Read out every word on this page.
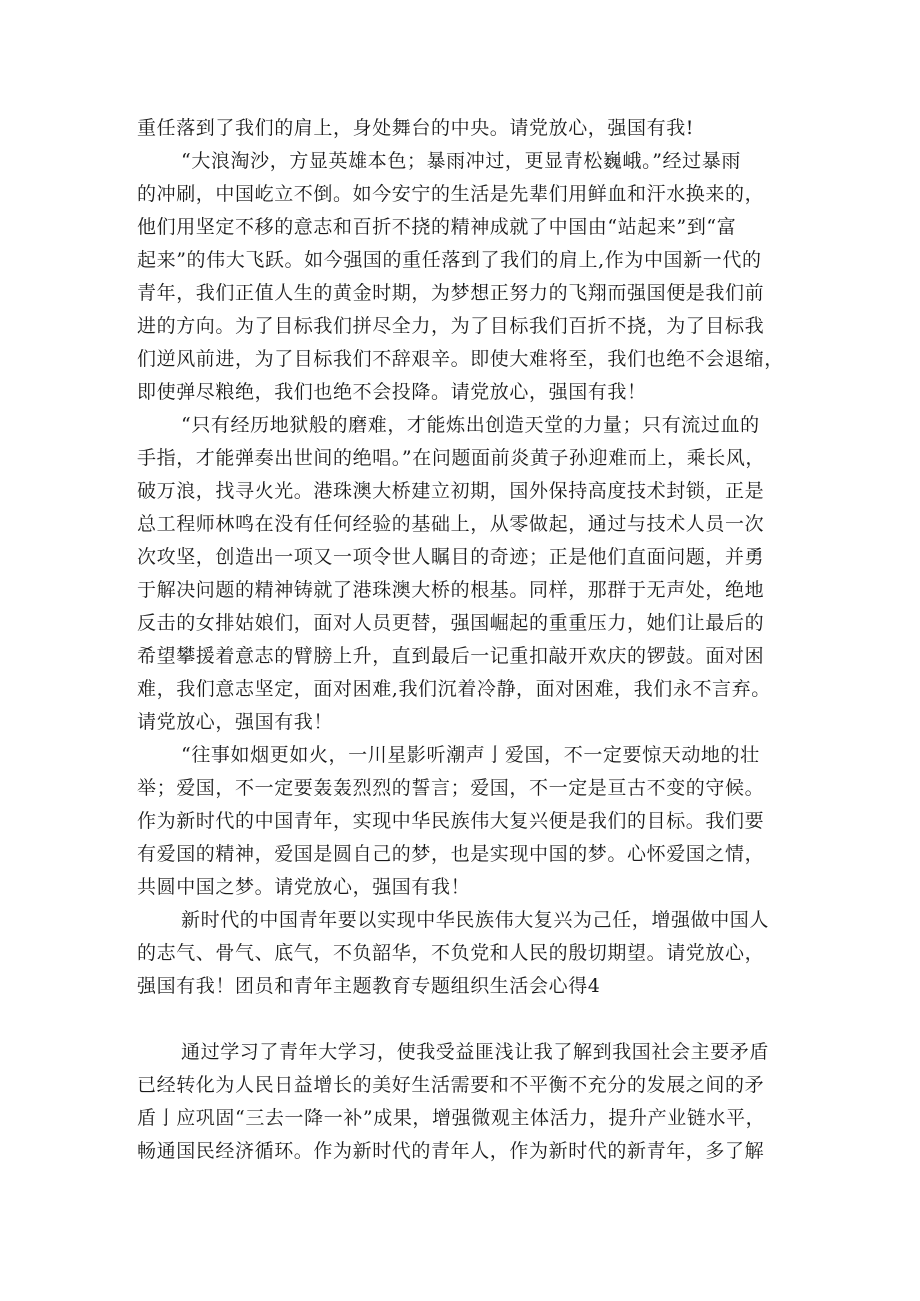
重任落到了我们的肩上，身处舞台的中央。请党放心，强国有我!
“大浪淘沙，方显英雄本色；暴雨冲过，更显青松巍峨。”经过暴雨
的冲刷，中国屹立不倒。如今安宁的生活是先辈们用鲜血和汗水换来的，
他们用坚定不移的意志和百折不挠的精神成就了中国由“站起来”到“富
起来”的伟大飞跃。如今强国的重任落到了我们的肩上,作为中国新一代的
青年，我们正值人生的黄金时期，为梦想正努力的飞翔而强国便是我们前
进的方向。为了目标我们拼尽全力，为了目标我们百折不挠，为了目标我
们逆风前进，为了目标我们不辞艰辛。即使大难将至，我们也绝不会退缩，
即使弹尽粮绝，我们也绝不会投降。请党放心，强国有我！
“只有经历地狱般的磨难，才能炼出创造天堂的力量；只有流过血的
手指，才能弹奏出世间的绝唱。”在问题面前炎黄子孙迎难而上，乘长风，
破万浪，找寻火光。港珠澳大桥建立初期，国外保持高度技术封锁，正是
总工程师林鸣在没有任何经验的基础上，从零做起，通过与技术人员一次
次攻坚，创造出一项又一项令世人瞩目的奇迹；正是他们直面问题，并勇
于解决问题的精神铸就了港珠澳大桥的根基。同样，那群于无声处，绝地
反击的女排姑娘们，面对人员更替，强国崛起的重重压力，她们让最后的
希望攀援着意志的臂膀上升，直到最后一记重扣敲开欢庆的锣鼓。面对困
难，我们意志坚定，面对困难,我们沉着冷静，面对困难，我们永不言弃。
请党放心，强国有我！
“往事如烟更如火，一川星影听潮声亅爱国，不一定要惊天动地的壮
举；爱国，不一定要轰轰烈烈的誓言；爱国，不一定是亘古不变的守候。
作为新时代的中国青年，实现中华民族伟大复兴便是我们的目标。我们要
有爱国的精神，爱国是圆自己的梦，也是实现中国的梦。心怀爱国之情，
共圆中国之梦。请党放心，强国有我！
新时代的中国青年要以实现中华民族伟大复兴为己任，增强做中国人
的志气、骨气、底气，不负韶华，不负党和人民的殷切期望。请党放心，
强国有我！团员和青年主题教育专题组织生活会心得4
通过学习了青年大学习，使我受益匪浅让我了解到我国社会主要矛盾
已经转化为人民日益增长的美好生活需要和不平衡不充分的发展之间的矛
盾亅应巩固“三去一降一补”成果，增强微观主体活力，提升产业链水平，
畅通国民经济循环。作为新时代的青年人，作为新时代的新青年，多了解
